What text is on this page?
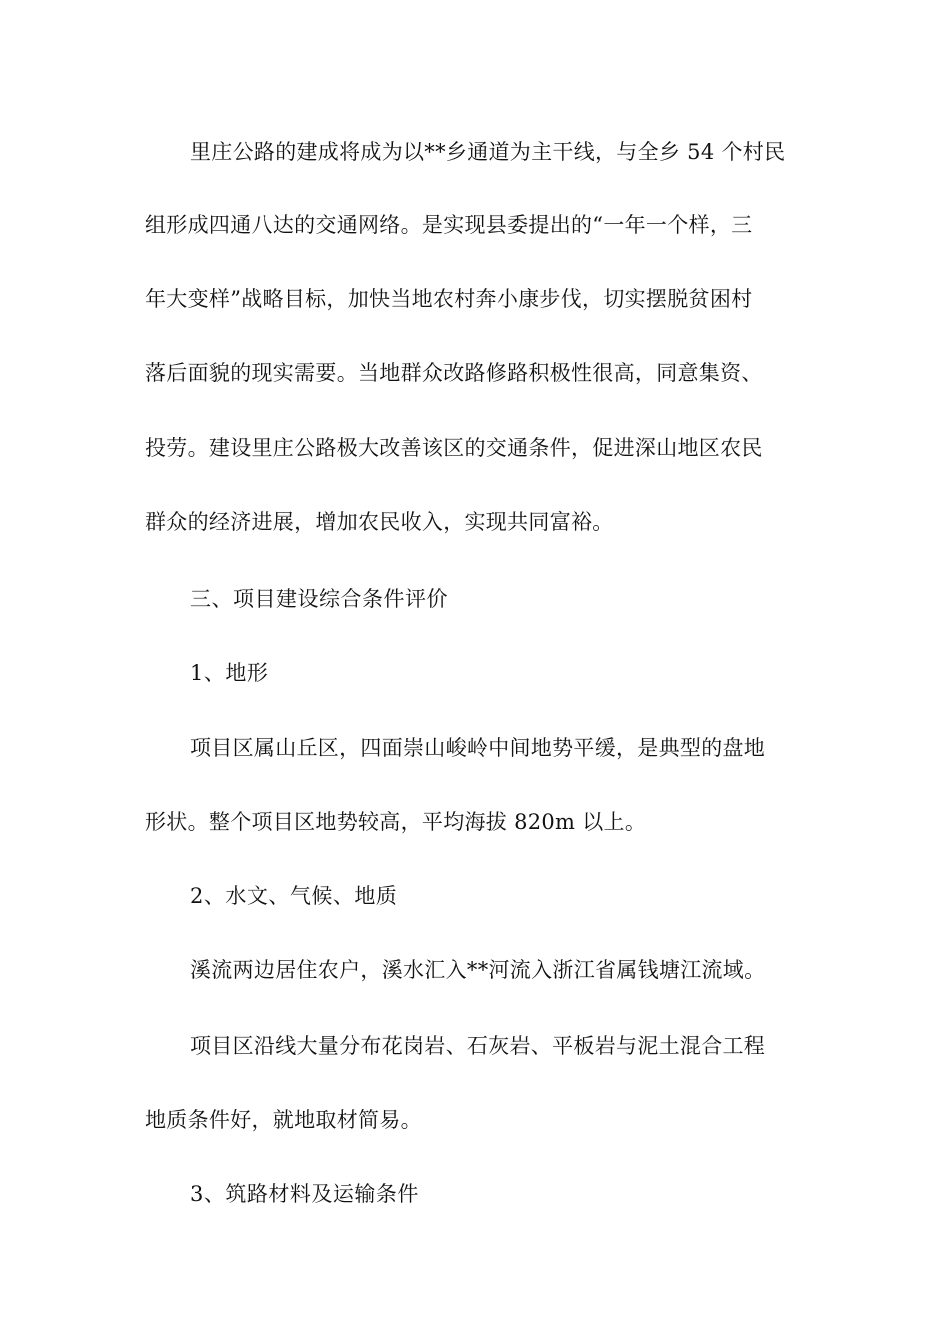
里庄公路的建成将成为以**乡通道为主干线，与全乡 54 个村民
组形成四通八达的交通网络。是实现县委提出的“一年一个样，三
年大变样”战略目标，加快当地农村奔小康步伐，切实摆脱贫困村
落后面貌的现实需要。当地群众改路修路积极性很高，同意集资、
投劳。建设里庄公路极大改善该区的交通条件，促进深山地区农民
群众的经济进展，增加农民收入，实现共同富裕。
三、项目建设综合条件评价
1、地形
项目区属山丘区，四面崇山峻岭中间地势平缓，是典型的盘地
形状。整个项目区地势较高，平均海拔 820m 以上。
2、水文、气候、地质
溪流两边居住农户，溪水汇入**河流入浙江省属钱塘江流域。
项目区沿线大量分布花岗岩、石灰岩、平板岩与泥土混合工程
地质条件好，就地取材简易。
3、筑路材料及运输条件
